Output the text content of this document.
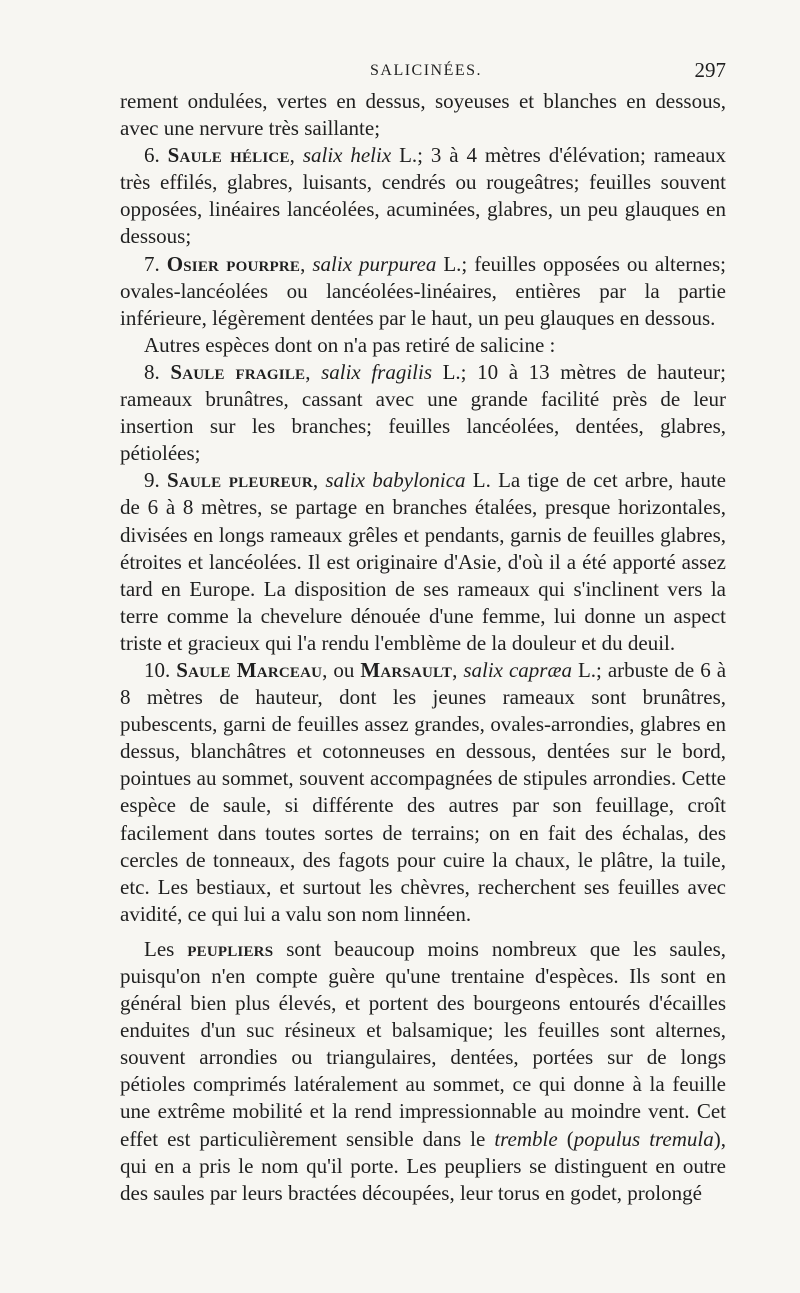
SALICINÉES.	297

rement ondulées, vertes en dessus, soyeuses et blanches en dessous, avec une nervure très saillante;

6. Saule hélice, salix helix L.; 3 à 4 mètres d'élévation; rameaux très effilés, glabres, luisants, cendrés ou rougeâtres; feuilles souvent opposées, linéaires lancéolées, acuminées, glabres, un peu glauques en dessous;

7. Osier pourpre, salix purpurea L.; feuilles opposées ou alternes; ovales-lancéolées ou lancéolées-linéaires, entières par la partie inférieure, légèrement dentées par le haut, un peu glauques en dessous.

Autres espèces dont on n'a pas retiré de salicine :

8. Saule fragile, salix fragilis L.; 10 à 13 mètres de hauteur; rameaux brunâtres, cassant avec une grande facilité près de leur insertion sur les branches; feuilles lancéolées, dentées, glabres, pétiolées;

9. Saule pleureur, salix babylonica L. La tige de cet arbre, haute de 6 à 8 mètres, se partage en branches étalées, presque horizontales, divisées en longs rameaux grêles et pendants, garnis de feuilles glabres, étroites et lancéolées. Il est originaire d'Asie, d'où il a été apporté assez tard en Europe. La disposition de ses rameaux qui s'inclinent vers la terre comme la chevelure dénouée d'une femme, lui donne un aspect triste et gracieux qui l'a rendu l'emblème de la douleur et du deuil.

10. Saule Marceau, ou Marsault, salix capræa L.; arbuste de 6 à 8 mètres de hauteur, dont les jeunes rameaux sont brunâtres, pubescents, garni de feuilles assez grandes, ovales-arrondies, glabres en dessus, blanchâtres et cotonneuses en dessous, dentées sur le bord, pointues au sommet, souvent accompagnées de stipules arrondies. Cette espèce de saule, si différente des autres par son feuillage, croît facilement dans toutes sortes de terrains; on en fait des échalas, des cercles de tonneaux, des fagots pour cuire la chaux, le plâtre, la tuile, etc. Les bestiaux, et surtout les chèvres, recherchent ses feuilles avec avidité, ce qui lui a valu son nom linnéen.

Les peupliers sont beaucoup moins nombreux que les saules, puisqu'on n'en compte guère qu'une trentaine d'espèces. Ils sont en général bien plus élevés, et portent des bourgeons entourés d'écailles enduites d'un suc résineux et balsamique; les feuilles sont alternes, souvent arrondies ou triangulaires, dentées, portées sur de longs pétioles comprimés latéralement au sommet, ce qui donne à la feuille une extrême mobilité et la rend impressionnable au moindre vent. Cet effet est particulièrement sensible dans le tremble (populus tremula), qui en a pris le nom qu'il porte. Les peupliers se distinguent en outre des saules par leurs bractées découpées, leur torus en godet, prolongé
